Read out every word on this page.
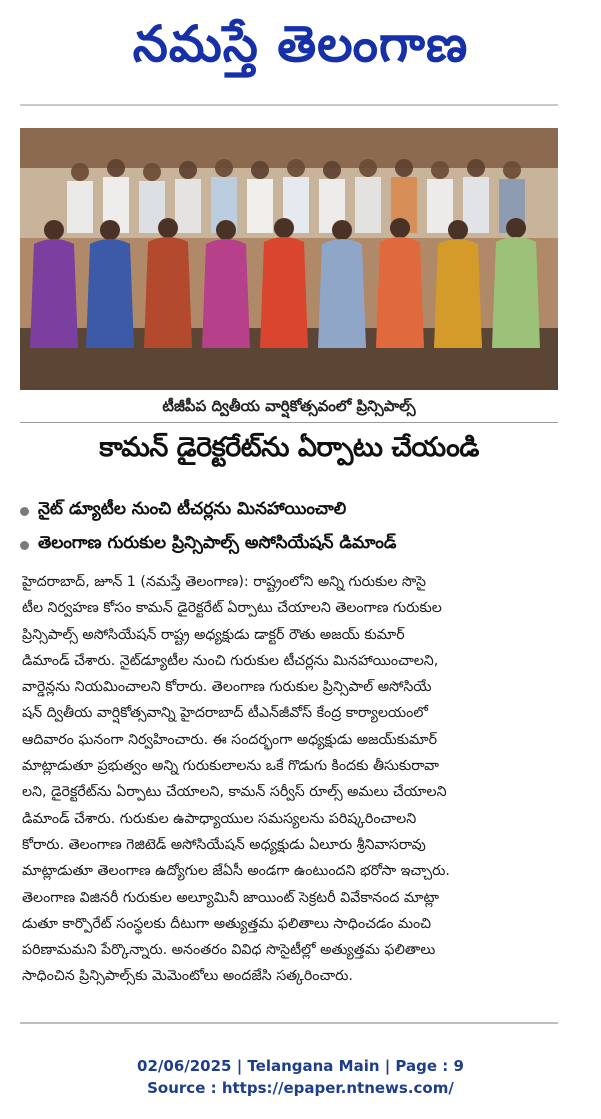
నమస్తే తెలంగాణ
టీజీపీప ద్వితీయ వార్షికోత్సవంలో ప్రిన్సిపాల్స్
కామన్ డైరెక్టరేట్‌ను ఏర్పాటు చేయండి
నైట్ డ్యూటీల నుంచి టీచర్లను మినహాయించాలి
తెలంగాణ గురుకుల ప్రిన్సిపాల్స్ అసోసియేషన్ డిమాండ్
హైదరాబాద్, జూన్ 1 (నమస్తే తెలంగాణ): రాష్ట్రంలోని అన్ని గురుకుల సొసై
టీల నిర్వహణ కోసం కామన్ డైరెక్టరేట్ ఏర్పాటు చేయాలని తెలంగాణ గురుకుల
ప్రిన్సిపాల్స్ అసోసియేషన్ రాష్ట్ర అధ్యక్షుడు డాక్టర్ రౌతు అజయ్ కుమార్
డిమాండ్ చేశారు. నైట్‌డ్యూటీల నుంచి గురుకుల టీచర్లను మినహాయించాలని,
వార్డెన్లను నియమించాలని కోరారు. తెలంగాణ గురుకుల ప్రిన్సిపాల్ అసోసియే
షన్ ద్వితీయ వార్షికోత్సవాన్ని హైదరాబాద్ టీఎన్‌జీవోస్ కేంద్ర కార్యాలయంలో
ఆదివారం ఘనంగా నిర్వహించారు. ఈ సందర్భంగా అధ్యక్షుడు అజయ్‌కుమార్
మాట్లాడుతూ ప్రభుత్వం అన్ని గురుకులాలను ఒకే గొడుగు కిందకు తీసుకురావా
లని, డైరెక్టరేట్‌ను ఏర్పాటు చేయాలని, కామన్ సర్వీస్ రూల్స్ అమలు చేయాలని
డిమాండ్ చేశారు. గురుకుల ఉపాధ్యాయుల సమస్యలను పరిష్కరించాలని
కోరారు. తెలంగాణ గెజిటెడ్ అసోసియేషన్ అధ్యక్షుడు ఏలూరు శ్రీనివాసరావు
మాట్లాడుతూ తెలంగాణ ఉద్యోగుల జేఏసీ అండగా ఉంటుందని భరోసా ఇచ్చారు.
తెలంగాణ విజినరీ గురుకుల అల్యూమినీ జాయింట్ సెక్రటరీ వివేకానంద మాట్లా
డుతూ కార్పొరేట్ సంస్థలకు దీటుగా అత్యుత్తమ ఫలితాలు సాధించడం మంచి
పరిణామమని పేర్కొన్నారు. అనంతరం వివిధ సొసైటీల్లో అత్యుత్తమ ఫలితాలు
సాధించిన ప్రిన్సిపాల్స్‌కు మెమెంటోలు అందజేసి సత్కరించారు.
02/06/2025 | Telangana Main | Page : 9
Source : https://epaper.ntnews.com/
